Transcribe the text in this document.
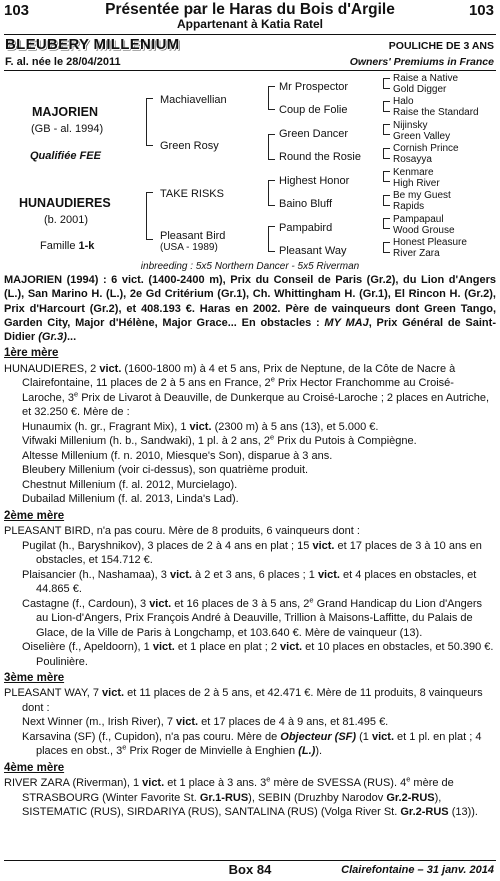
103	Présentée par le Haras du Bois d'Argile	103
Appartenant à Katia Ratel
BLEUBERY MILLENIUM	POULICHE DE 3 ANS
F. al. née le 28/04/2011	Owners' Premiums in France
MAJORIEN
(GB - al. 1994)
Qualifiée FEE
HUNAUDIERES
(b. 2001)
Famille 1-k
Machiavellian
Green Rosy
TAKE RISKS
Pleasant Bird
(USA - 1989)
Mr Prospector
Coup de Folie
Green Dancer
Round the Rosie
Highest Honor
Baino Bluff
Pampabird
Pleasant Way
Raise a Native
Gold Digger
Halo
Raise the Standard
Nijinsky
Green Valley
Cornish Prince
Rosayya
Kenmare
High River
Be my Guest
Rapids
Pampapaul
Wood Grouse
Honest Pleasure
River Zara
inbreeding : 5x5 Northern Dancer - 5x5 Riverman

MAJORIEN (1994) : 6 vict. (1400-2400 m), Prix du Conseil de Paris (Gr.2), du Lion d'Angers (L.), San Marino H. (L.), 2e Gd Critérium (Gr.1), Ch. Whittingham H. (Gr.1), El Rincon H. (Gr.2), Prix d'Harcourt (Gr.2), et 408.193 €. Haras en 2002. Père de vainqueurs dont Green Tango, Garden City, Major d'Hélène, Major Grace... En obstacles : MY MAJ, Prix Général de Saint-Didier (Gr.3)...

1ère mère

HUNAUDIERES, 2 vict. (1600-1800 m) à 4 et 5 ans, Prix de Neptune, de la Côte de Nacre à Clairefontaine, 11 places de 2 à 5 ans en France, 2e Prix Hector Franchomme au Croisé-Laroche, 3e Prix de Livarot à Deauville, de Dunkerque au Croisé-Laroche ; 2 places en Autriche, et 32.250 €. Mère de :

Hunaumix (h. gr., Fragrant Mix), 1 vict. (2300 m) à 5 ans (13), et 5.000 €.

Vifwaki Millenium (h. b., Sandwaki), 1 pl. à 2 ans, 2e Prix du Putois à Compiègne.

Altesse Millenium (f. n. 2010, Miesque's Son), disparue à 3 ans.

Bleubery Millenium (voir ci-dessus), son quatrième produit.

Chestnut Millenium (f. al. 2012, Murcielago).

Dubailad Millenium (f. al. 2013, Linda's Lad).

2ème mère

PLEASANT BIRD, n'a pas couru. Mère de 8 produits, 6 vainqueurs dont :

Pugilat (h., Baryshnikov), 3 places de 2 à 4 ans en plat ; 15 vict. et 17 places de 3 à 10 ans en obstacles, et 154.712 €.

Plaisancier (h., Nashamaa), 3 vict. à 2 et 3 ans, 6 places ; 1 vict. et 4 places en obstacles, et 44.865 €.

Castagne (f., Cardoun), 3 vict. et 16 places de 3 à 5 ans, 2e Grand Handicap du Lion d'Angers au Lion-d'Angers, Prix François André à Deauville, Trillion à Maisons-Laffitte, du Palais de Glace, de la Ville de Paris à Longchamp, et 103.640 €. Mère de vainqueur (13).

Oiselière (f., Apeldoorn), 1 vict. et 1 place en plat ; 2 vict. et 10 places en obstacles, et 50.390 €. Poulinière.

3ème mère

PLEASANT WAY, 7 vict. et 11 places de 2 à 5 ans, et 42.471 €. Mère de 11 produits, 8 vainqueurs dont :

Next Winner (m., Irish River), 7 vict. et 17 places de 4 à 9 ans, et 81.495 €.

Karsavina (SF) (f., Cupidon), n'a pas couru. Mère de Objecteur (SF) (1 vict. et 1 pl. en plat ; 4 places en obst., 3e Prix Roger de Minvielle à Enghien (L.)).

4ème mère

RIVER ZARA (Riverman), 1 vict. et 1 place à 3 ans. 3e mère de SVESSA (RUS). 4e mère de STRASBOURG (Winter Favorite St. Gr.1-RUS), SEBIN (Druzhby Narodov Gr.2-RUS), SISTEMATIC (RUS), SIRDARIYA (RUS), SANTALINA (RUS) (Volga River St. Gr.2-RUS (13)).

Box 84	Clairefontaine – 31 janv. 2014
